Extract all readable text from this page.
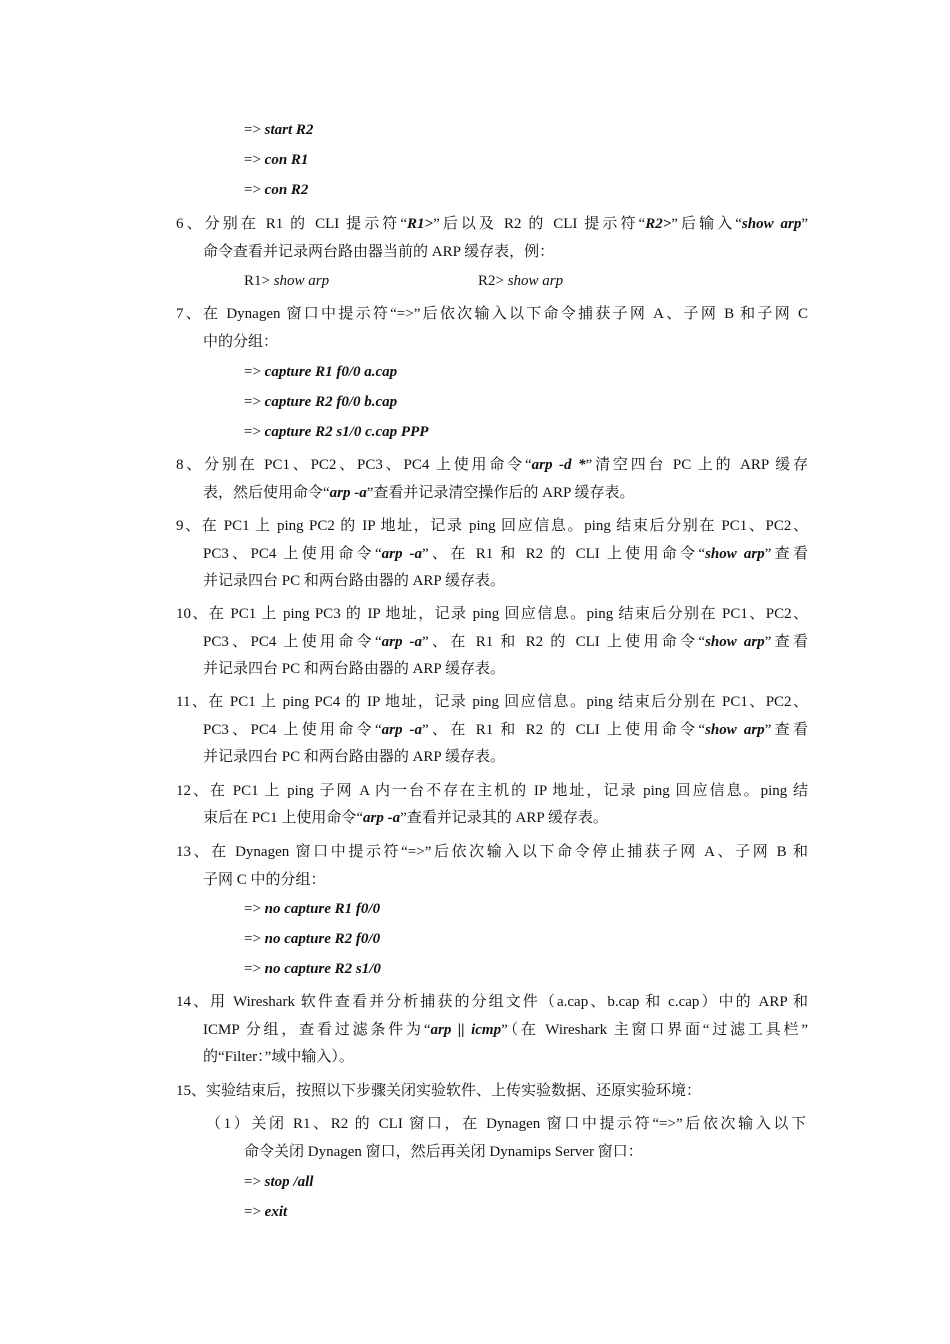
=> start R2
=> con R1
=> con R2
6、分别在 R1 的 CLI 提示符“R1>”后以及 R2 的 CLI 提示符“R2>”后输入“show arp”
命令查看并记录两台路由器当前的 ARP 缓存表，例：
R1> show arp	R2> show arp
7、在 Dynagen 窗口中提示符“=>”后依次输入以下命令捕获子网 A、子网 B 和子网 C
中的分组：
=> capture R1 f0/0 a.cap
=> capture R2 f0/0 b.cap
=> capture R2 s1/0 c.cap PPP
8、分别在 PC1、PC2、PC3、PC4 上使用命令“arp -d *”清空四台 PC 上的 ARP 缓存
表，然后使用命令“arp -a”查看并记录清空操作后的 ARP 缓存表。
9、在 PC1 上 ping PC2 的 IP 地址，记录 ping 回应信息。ping 结束后分别在 PC1、PC2、
PC3、PC4 上使用命令“arp -a”、在 R1 和 R2 的 CLI 上使用命令“show arp”查看
并记录四台 PC 和两台路由器的 ARP 缓存表。
10、在 PC1 上 ping PC3 的 IP 地址，记录 ping 回应信息。ping 结束后分别在 PC1、PC2、
PC3、PC4 上使用命令“arp -a”、在 R1 和 R2 的 CLI 上使用命令“show arp”查看
并记录四台 PC 和两台路由器的 ARP 缓存表。
11、在 PC1 上 ping PC4 的 IP 地址，记录 ping 回应信息。ping 结束后分别在 PC1、PC2、
PC3、PC4 上使用命令“arp -a”、在 R1 和 R2 的 CLI 上使用命令“show arp”查看
并记录四台 PC 和两台路由器的 ARP 缓存表。
12、在 PC1 上 ping 子网 A 内一台不存在主机的 IP 地址，记录 ping 回应信息。ping 结
束后在 PC1 上使用命令“arp -a”查看并记录其的 ARP 缓存表。
13、在 Dynagen 窗口中提示符“=>”后依次输入以下命令停止捕获子网 A、子网 B 和
子网 C 中的分组：
=> no capture R1 f0/0
=> no capture R2 f0/0
=> no capture R2 s1/0
14、用 Wireshark 软件查看并分析捕获的分组文件（a.cap、b.cap 和 c.cap）中的 ARP 和
ICMP 分组，查看过滤条件为“arp || icmp”（在 Wireshark 主窗口界面“过滤工具栏”
的“Filter：”域中输入）。
15、实验结束后，按照以下步骤关闭实验软件、上传实验数据、还原实验环境：
（1）关闭 R1、R2 的 CLI 窗口，在 Dynagen 窗口中提示符“=>”后依次输入以下
命令关闭 Dynagen 窗口，然后再关闭 Dynamips Server 窗口：
=> stop /all
=> exit
